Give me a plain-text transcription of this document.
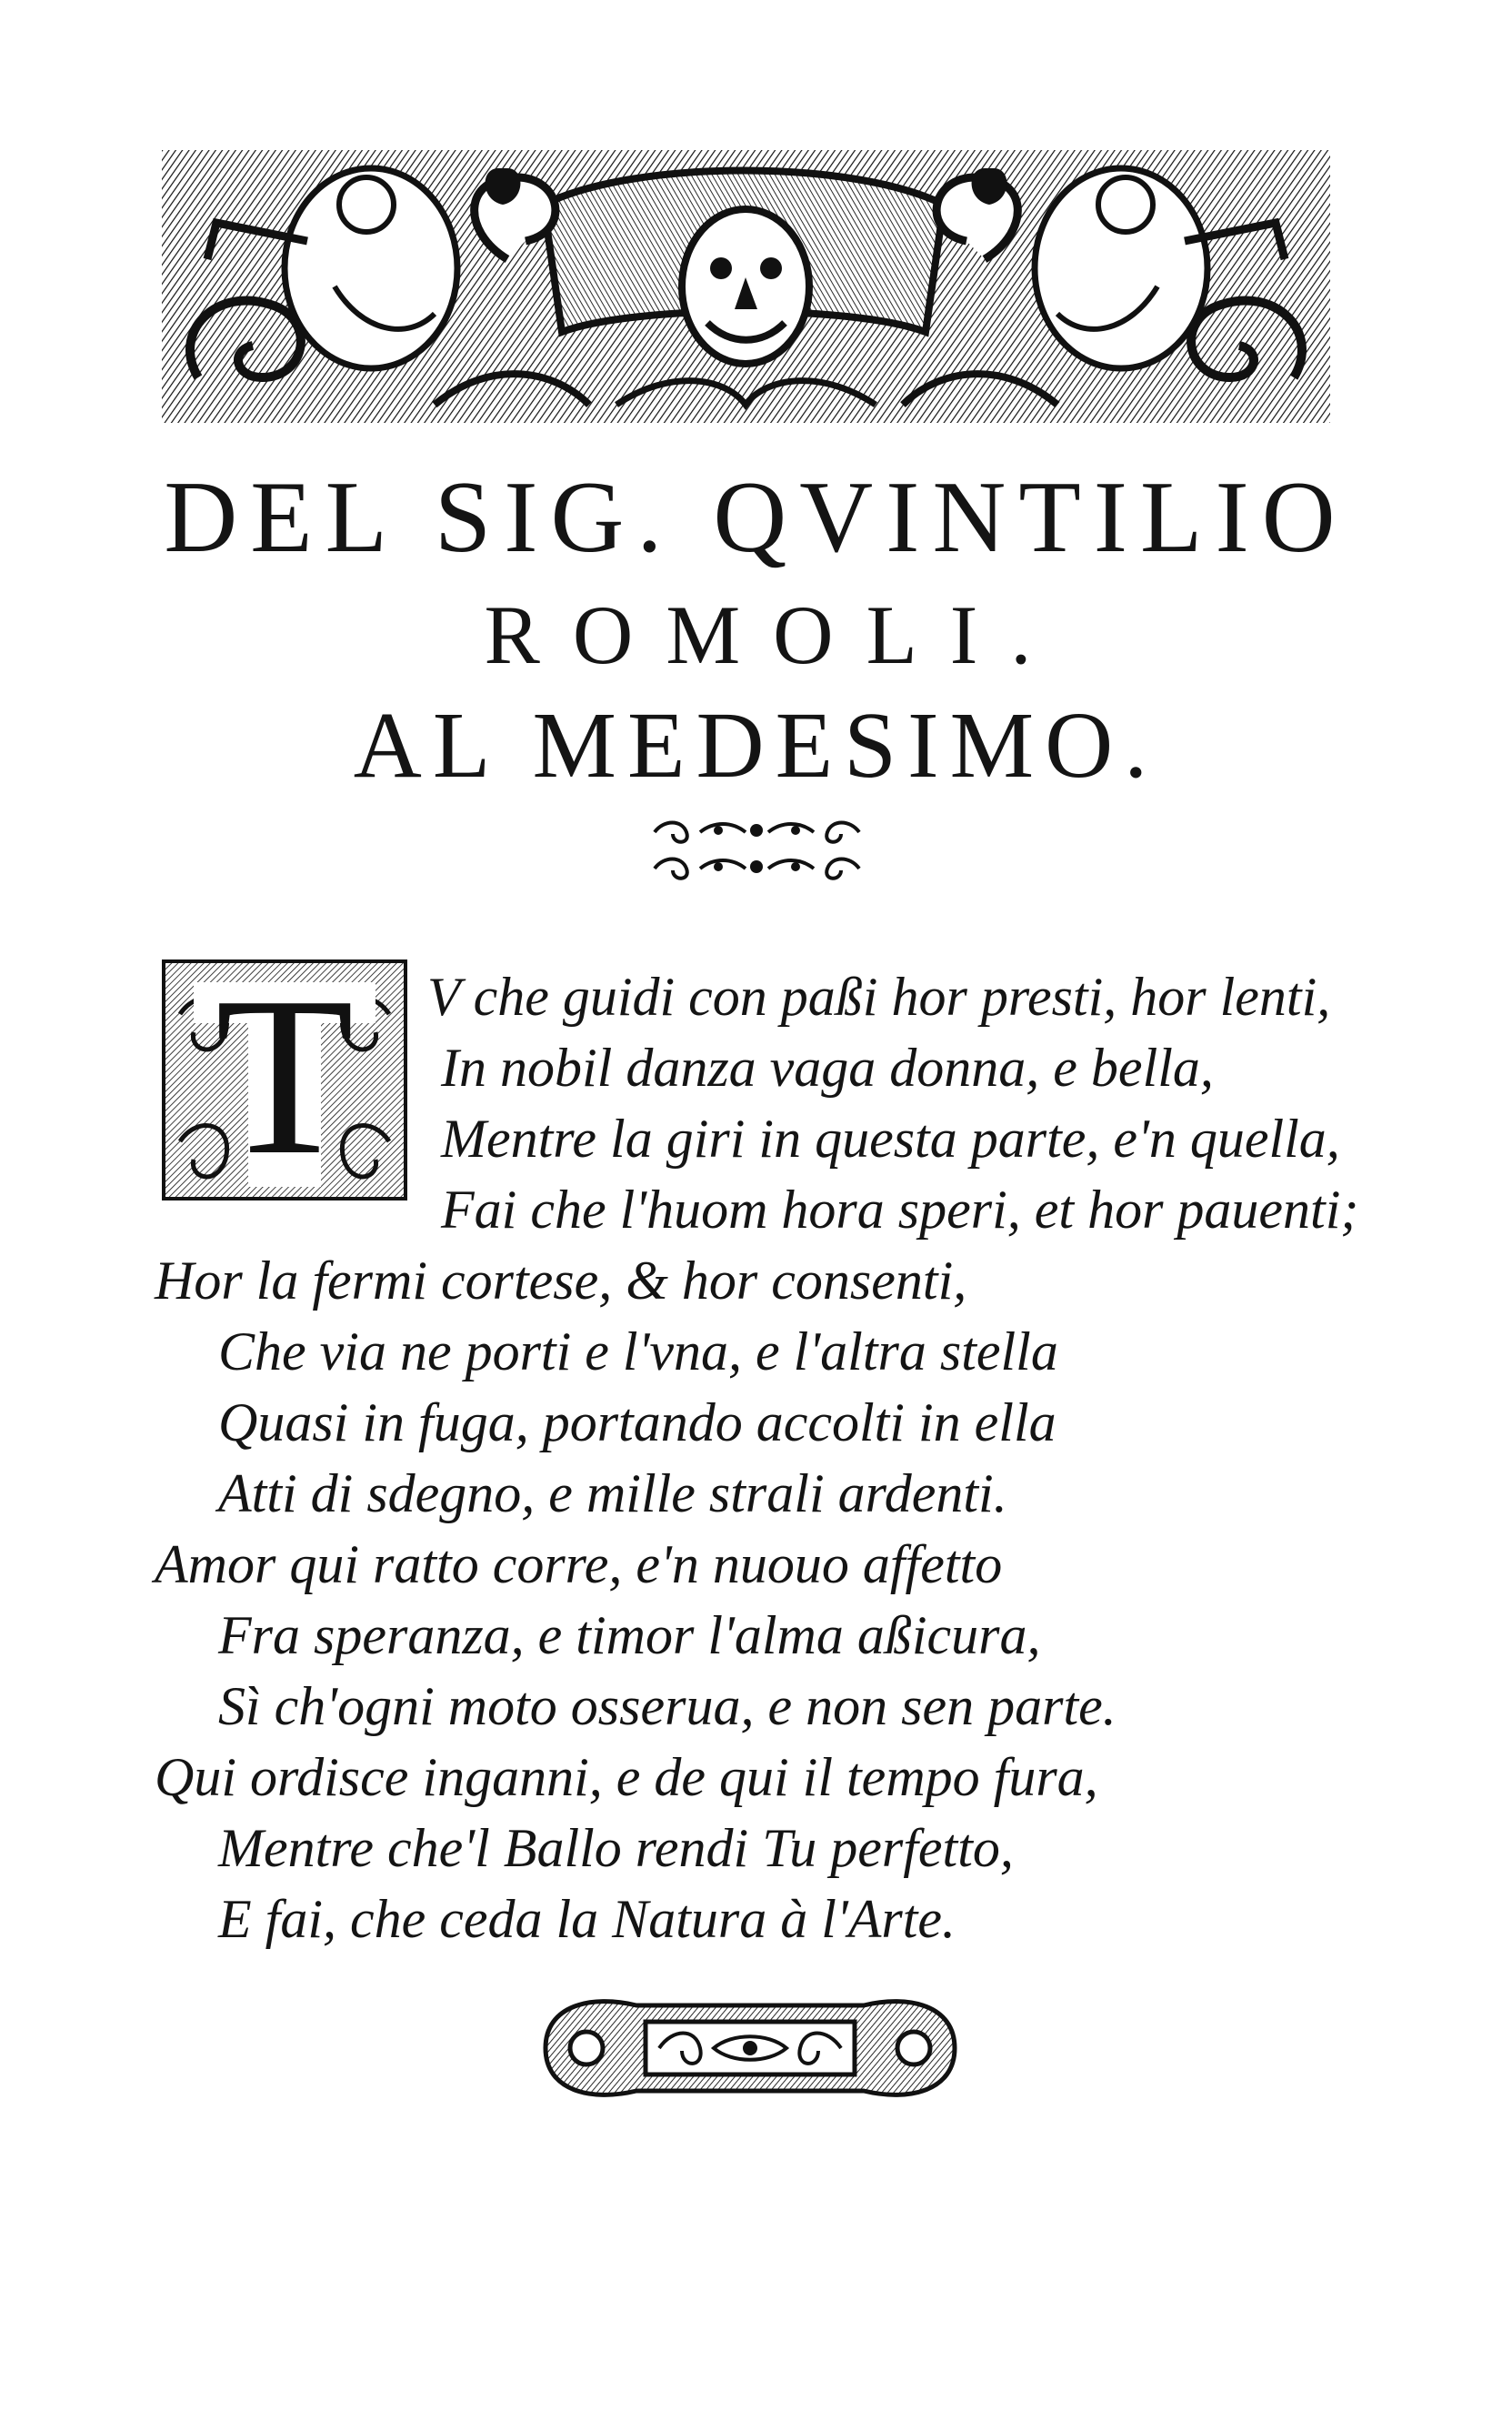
DEL SIG. QVINTILIO
ROMOLI.
AL MEDESIMO.
T	V che guidi con paßi hor presti, hor lenti,
In nobil danza vaga donna, e bella,
Mentre la giri in questa parte, e'n quella,
Fai che l'huom hora speri, et hor pauenti;
Hor la fermi cortese, & hor consenti,
Che via ne porti e l'vna, e l'altra stella
Quasi in fuga, portando accolti in ella
Atti di sdegno, e mille strali ardenti.
Amor qui ratto corre, e'n nuouo affetto
Fra speranza, e timor l'alma aßicura,
Sì ch'ogni moto osserua, e non sen parte.
Qui ordisce inganni, e de qui il tempo fura,
Mentre che'l Ballo rendi Tu perfetto,
E fai, che ceda la Natura à l'Arte.
